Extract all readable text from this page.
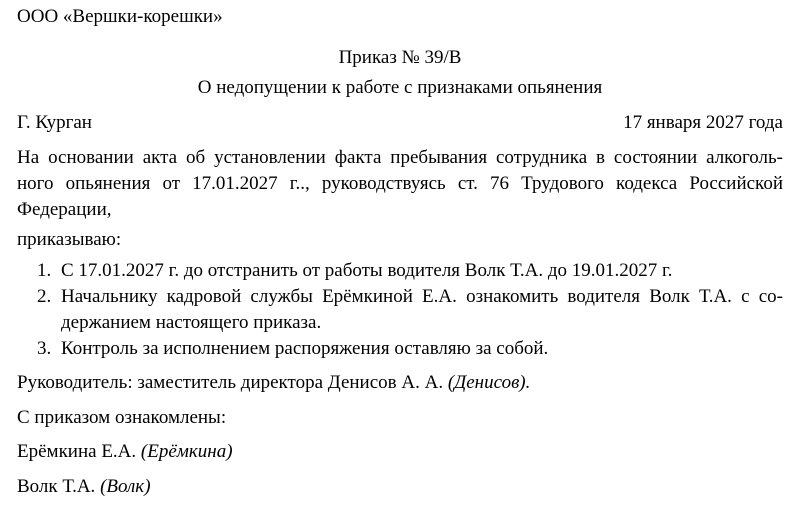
ООО «Вершки-корешки»
Приказ № 39/В
О недопущении к работе с признаками опьянения
Г. Курган	17 января 2027 года
На основании акта об установлении факта пребывания сотрудника в состоянии алкоголь-
ного опьянения от 17.01.2027 г.., руководствуясь ст. 76 Трудового кодекса Российской
Федерации,
приказываю:
1. С 17.01.2027 г. до отстранить от работы водителя Волк Т.А. до 19.01.2027 г.
2. Начальнику кадровой службы Ерёмкиной Е.А. ознакомить водителя Волк Т.А. с со-
держанием настоящего приказа.
3. Контроль за исполнением распоряжения оставляю за собой.
Руководитель: заместитель директора Денисов А. А. (Денисов).
С приказом ознакомлены:
Ерёмкина Е.А. (Ерёмкина)
Волк Т.А. (Волк)
